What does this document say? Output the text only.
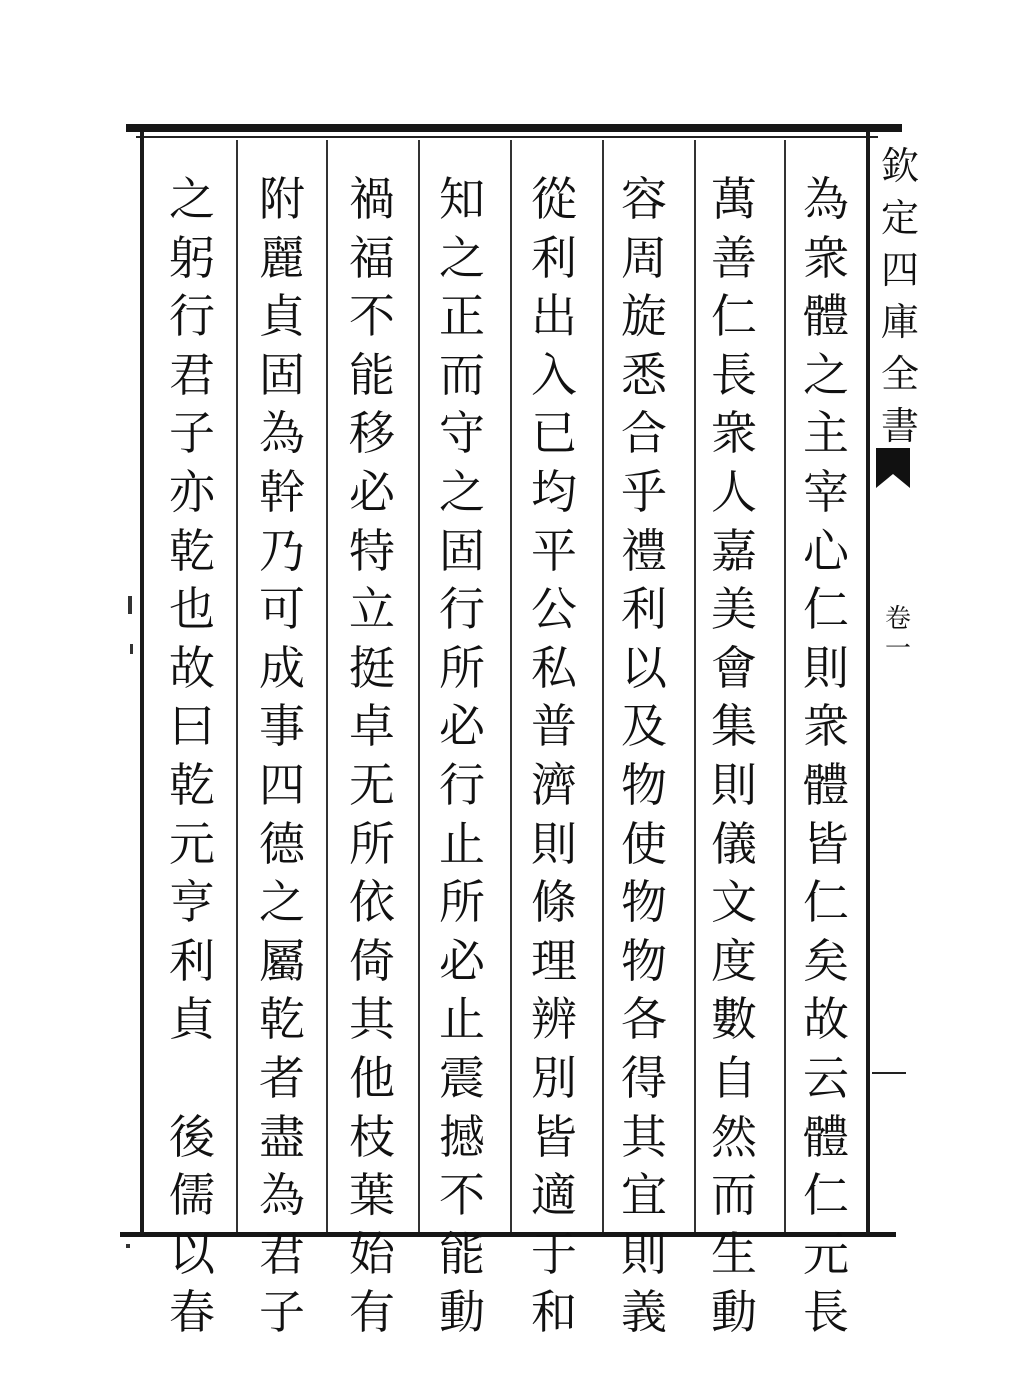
為
衆
體
之
主
宰
心
仁
則
衆
體
皆
仁
矣
故
云
體
仁
元
長
萬
善
仁
長
衆
人
嘉
美
會
集
則
儀
文
度
數
自
然
而
生
動
容
周
旋
悉
合
乎
禮
利
以
及
物
使
物
物
各
得
其
宜
則
義
從
利
出
入
已
均
平
公
私
普
濟
則
條
理
辨
別
皆
適
于
和
知
之
正
而
守
之
固
行
所
必
行
止
所
必
止
震
撼
不
能
動
禍
福
不
能
移
必
特
立
挺
卓
无
所
依
倚
其
他
枝
葉
始
有
附
麗
貞
固
為
幹
乃
可
成
事
四
德
之
屬
乾
者
盡
為
君
子
之
躬
行
君
子
亦
乾
也
故
曰
乾
元
亨
利
貞
後
儒
以
春
欽
定
四
庫
全
書
卷
一
